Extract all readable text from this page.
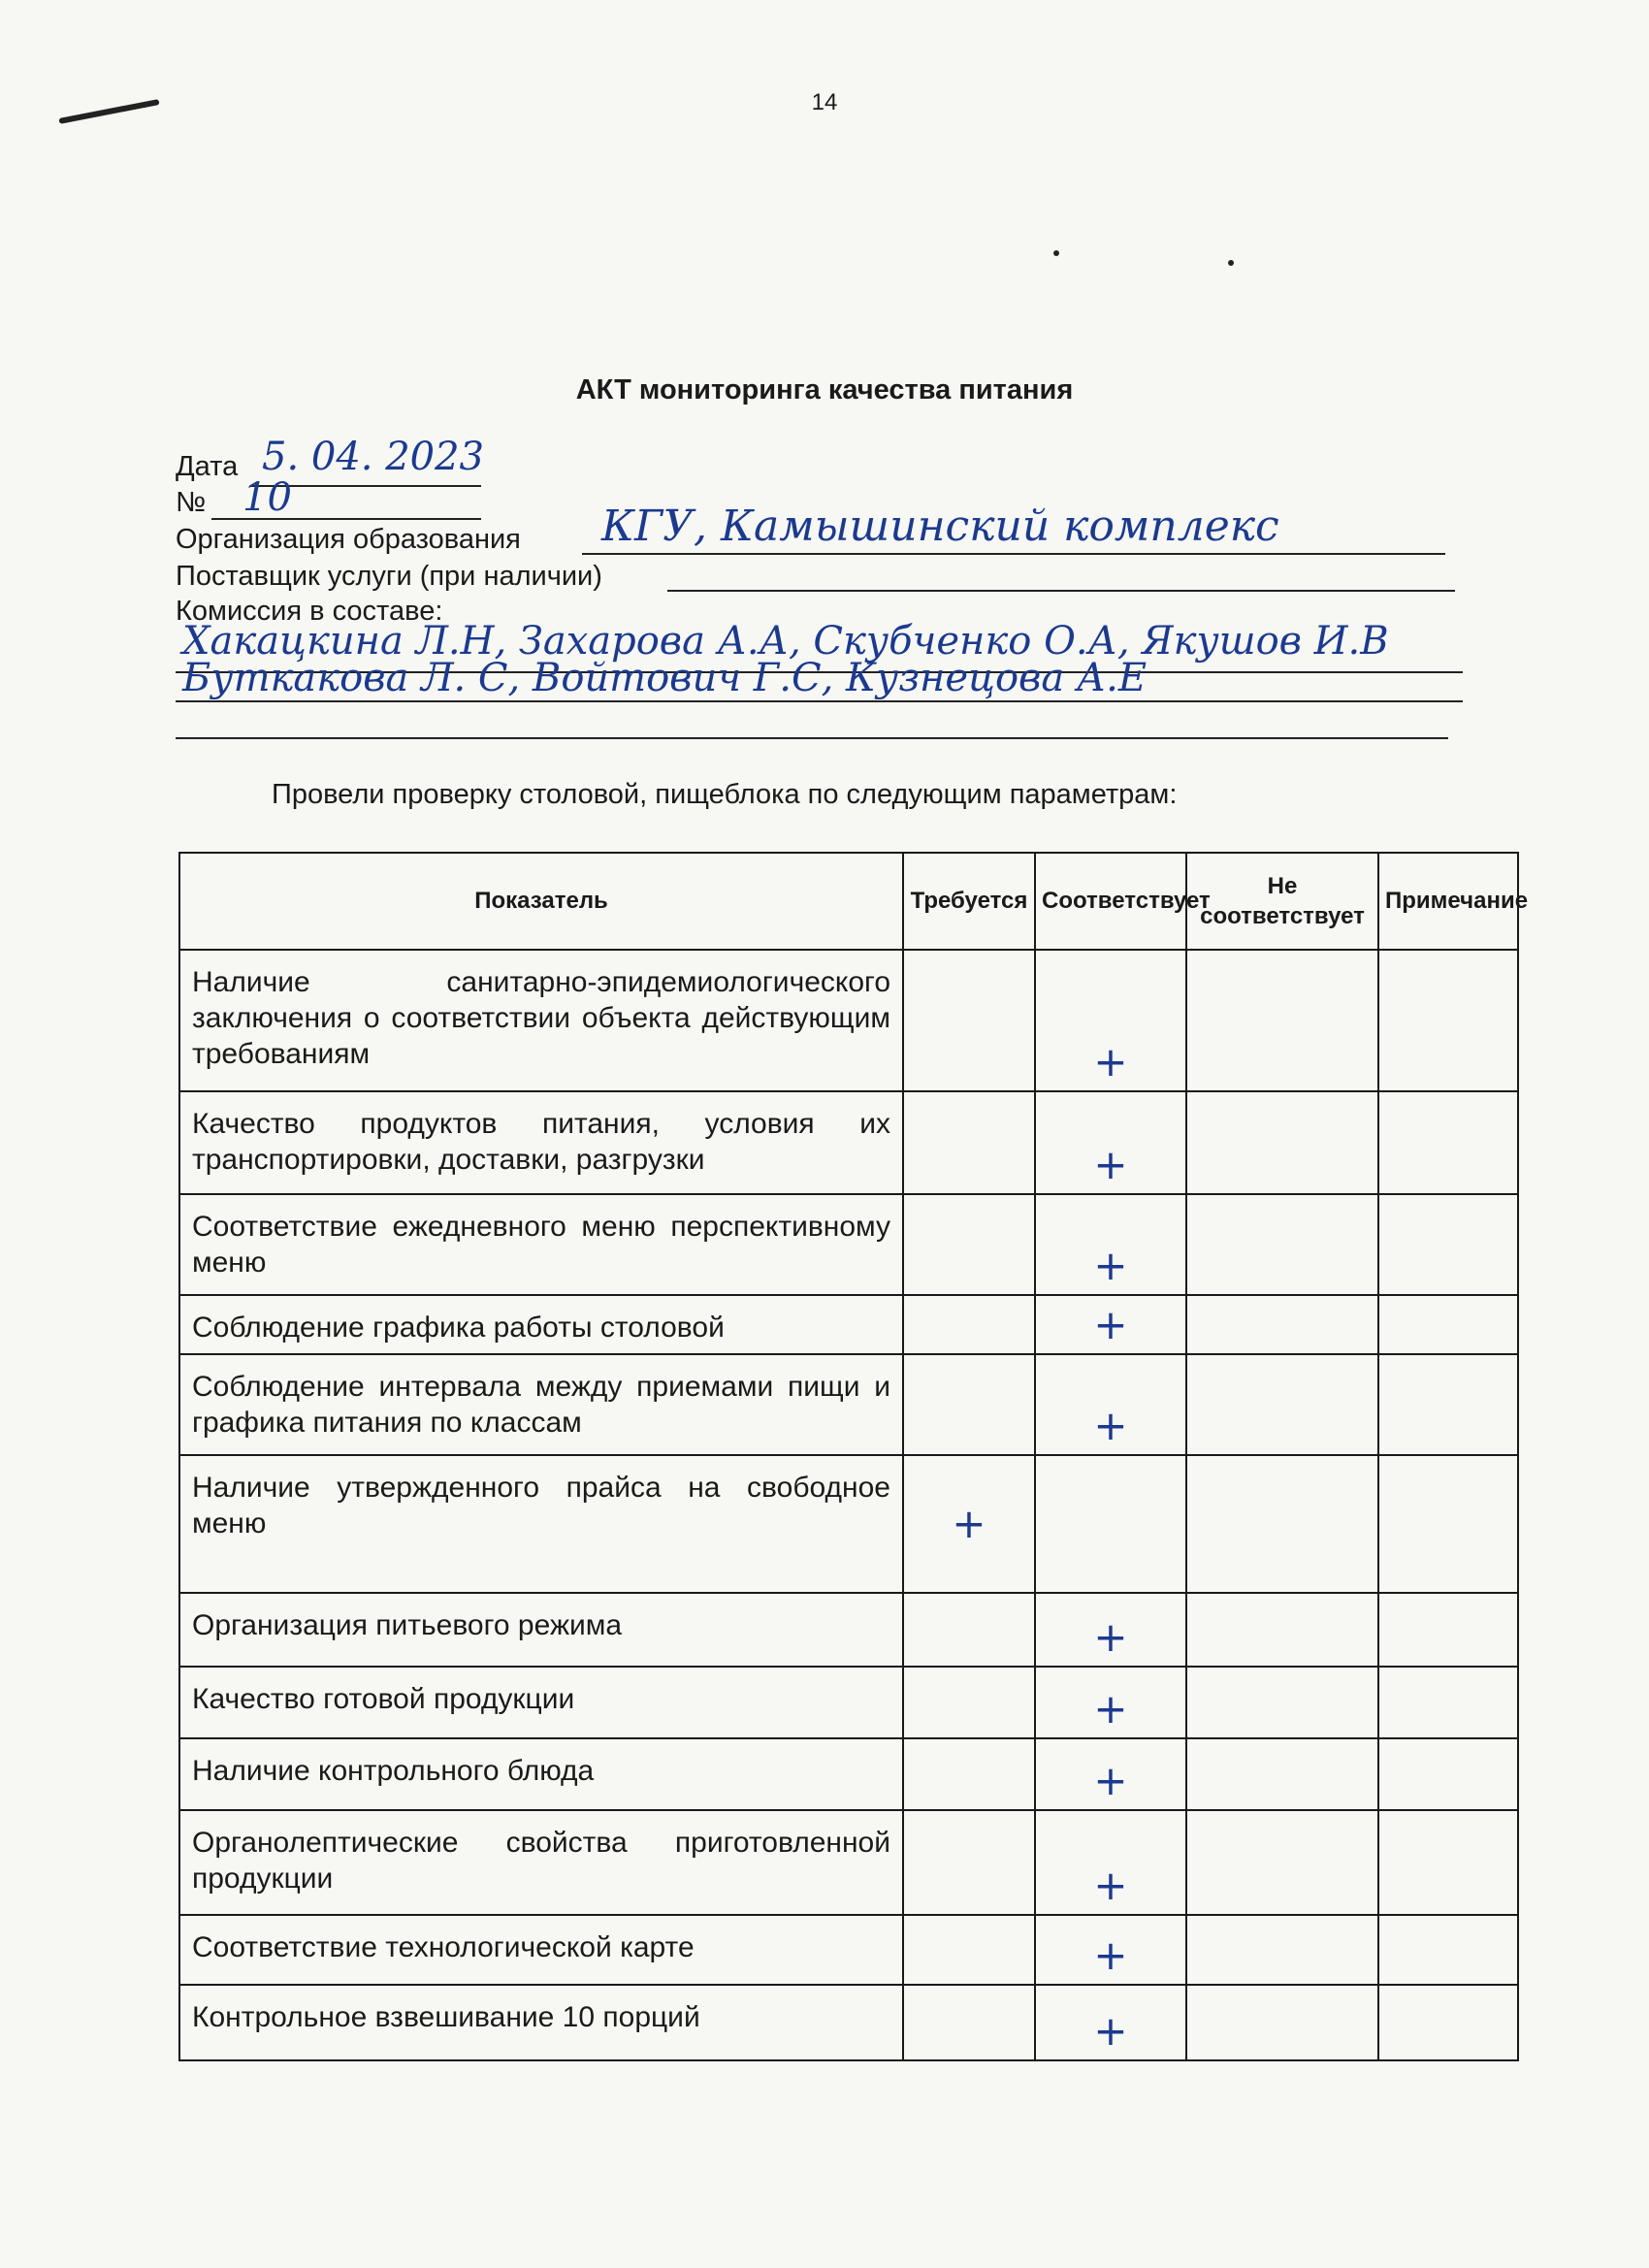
14
АКТ мониторинга качества питания
Дата 5. 04. 2023
№ 10
Организация образования КГУ, Камышинский комплекс
Поставщик услуги (при наличии)
Комиссия в составе:
Хакацкина Л.Н, Захарова А.А, Скубченко О.А, Якушов И.В
Буткакова Л. С, Войтович Г.С, Кузнецова А.Е
Провели проверку столовой, пищеблока по следующим параметрам:
Показатель	Требуется	Соответствует	Не соответствует	Примечание
Наличие санитарно-эпидемиологического заключения о соответствии объекта действующим требованиям		+		
Качество продуктов питания, условия их транспортировки, доставки, разгрузки		+		
Соответствие ежедневного меню перспективному меню		+		
Соблюдение графика работы столовой		+		
Соблюдение интервала между приемами пищи и графика питания по классам		+		
Наличие утвержденного прайса на свободное меню	+			
Организация питьевого режима		+		
Качество готовой продукции		+		
Наличие контрольного блюда		+		
Органолептические свойства приготовленной продукции		+		
Соответствие технологической карте		+		
Контрольное взвешивание 10 порций		+		
